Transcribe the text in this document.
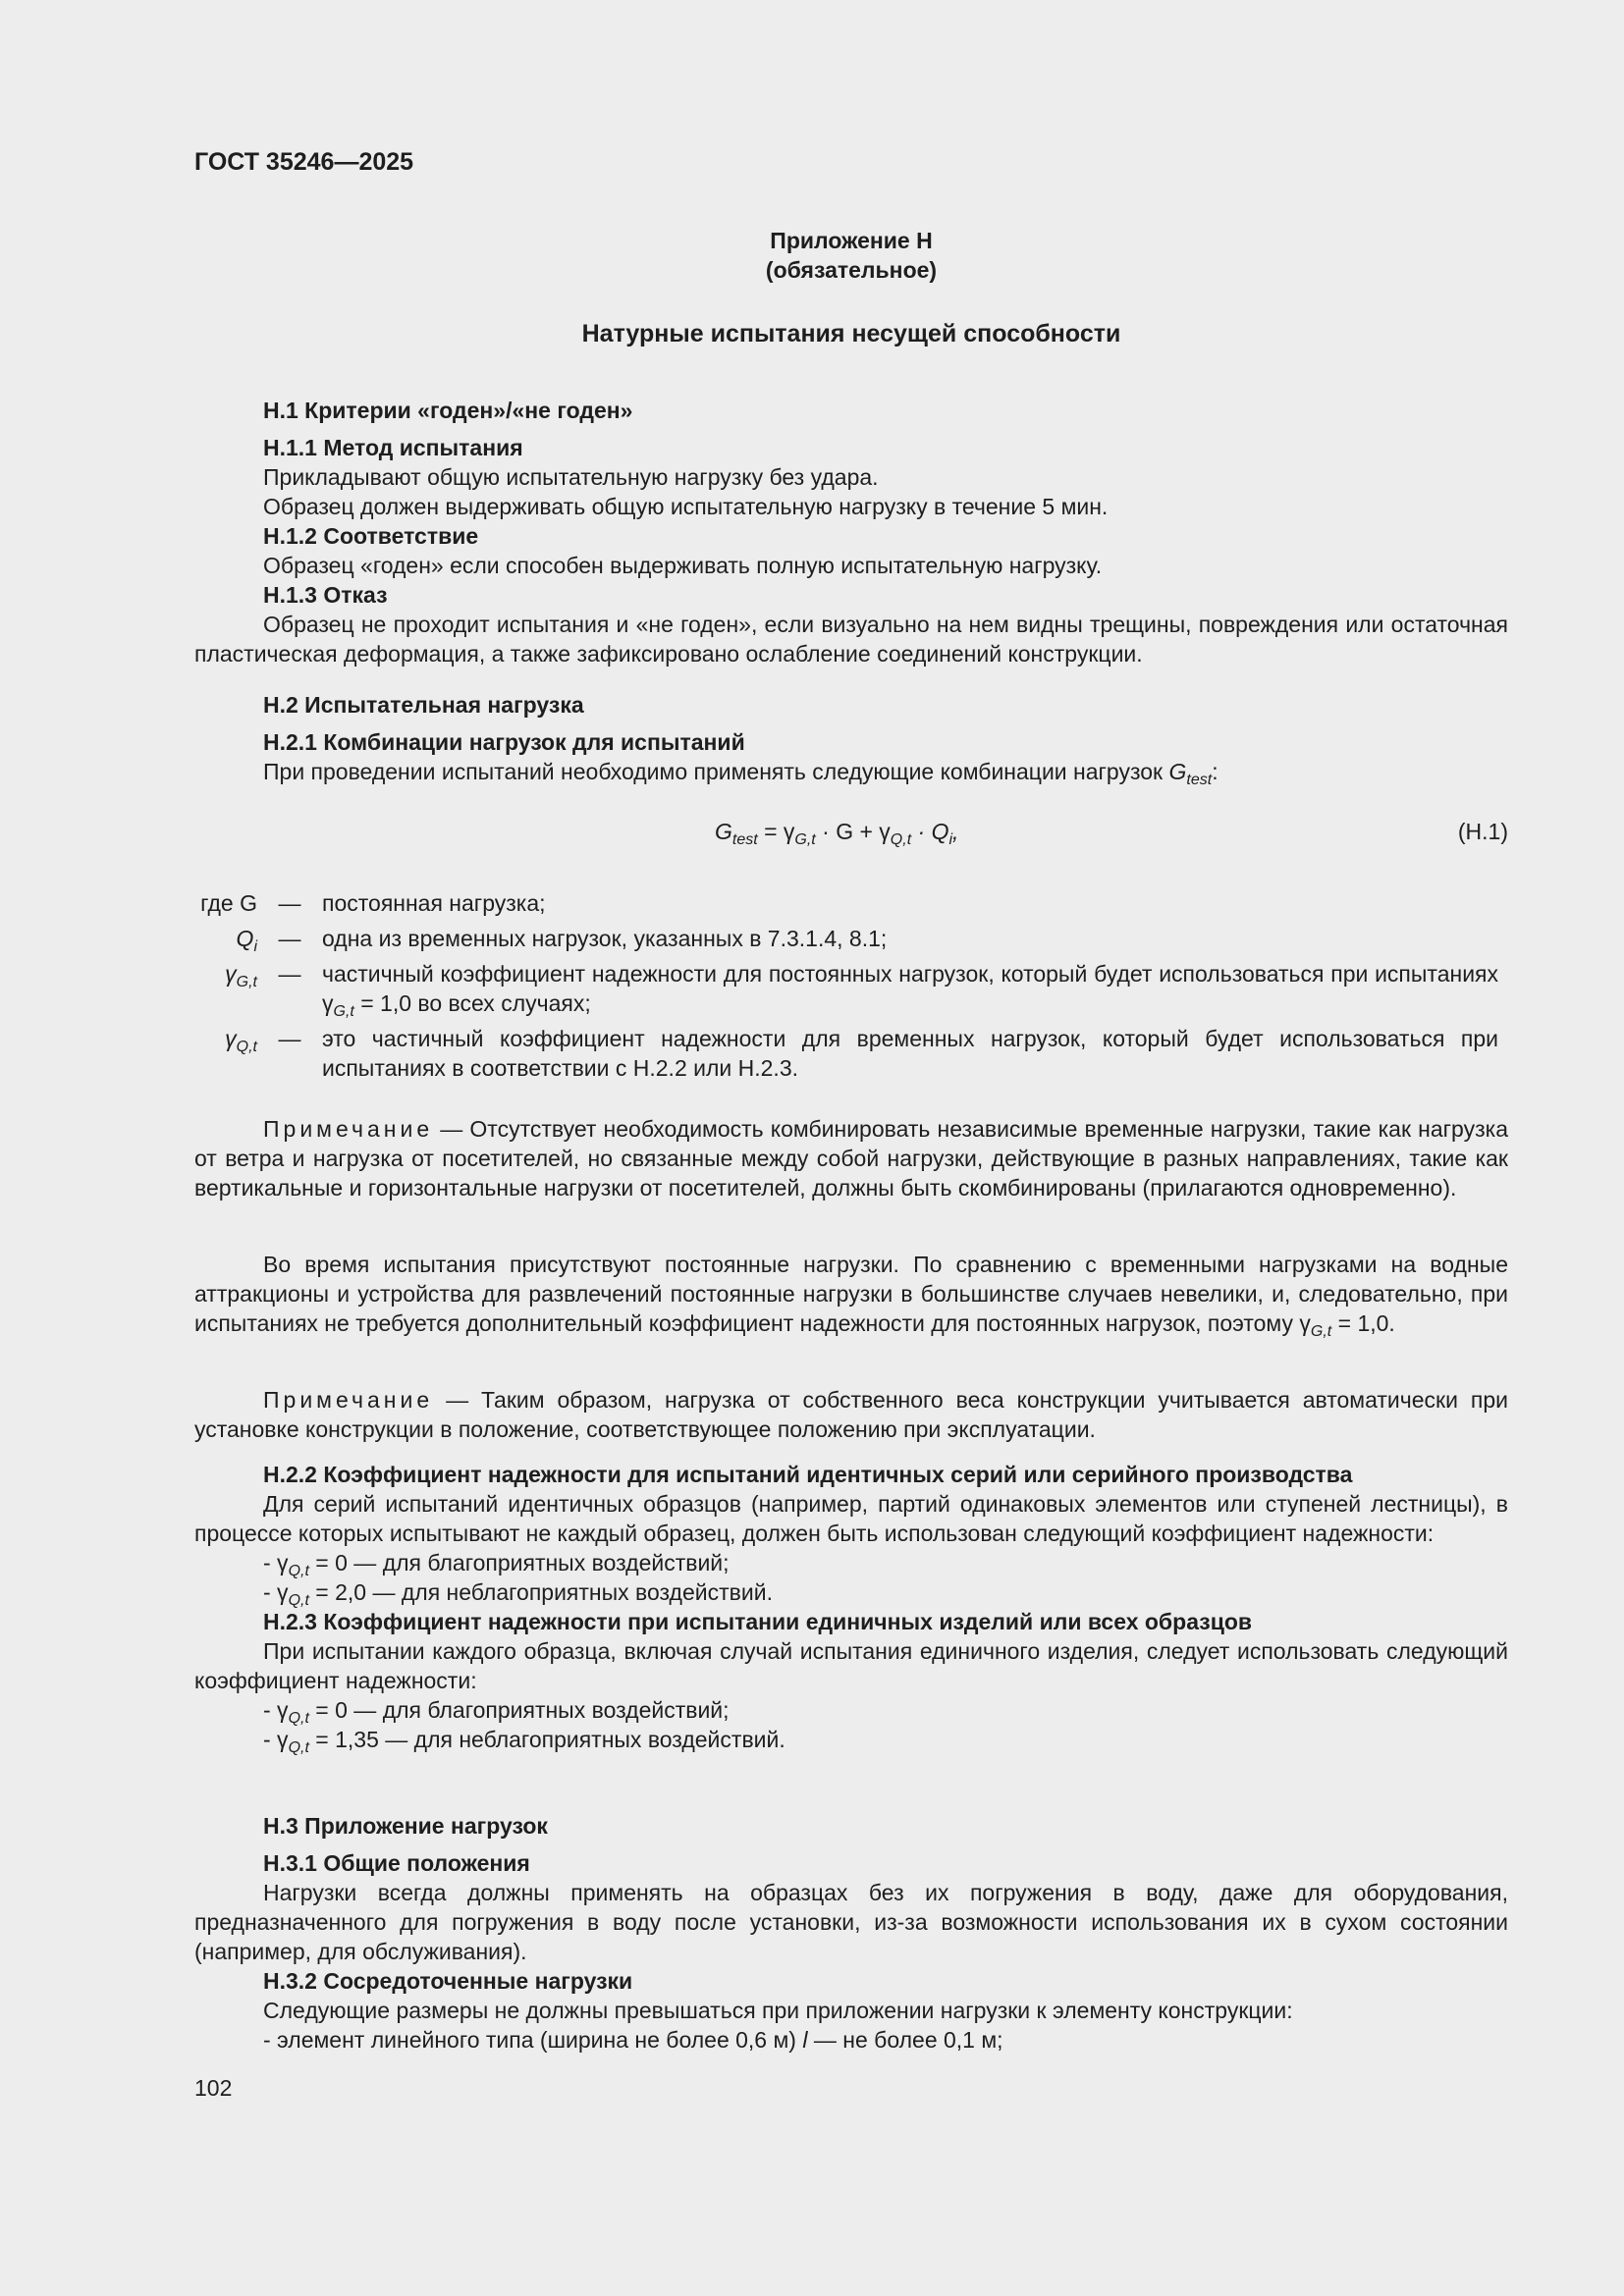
ГОСТ 35246—2025
Приложение Н
(обязательное)
Натурные испытания несущей способности
Н.1 Критерии «годен»/«не годен»
Н.1.1 Метод испытания
Прикладывают общую испытательную нагрузку без удара.
Образец должен выдерживать общую испытательную нагрузку в течение 5 мин.
Н.1.2 Соответствие
Образец «годен» если способен выдерживать полную испытательную нагрузку.
Н.1.3 Отказ
Образец не проходит испытания и «не годен», если визуально на нем видны трещины, повреждения или остаточная пластическая деформация, а также зафиксировано ослабление соединений конструкции.
Н.2 Испытательная нагрузка
Н.2.1 Комбинации нагрузок для испытаний
При проведении испытаний необходимо применять следующие комбинации нагрузок $G_{test}$:
$G_{test} = \gamma_{G,t} \cdot G + \gamma_{Q,t} \cdot Q_i$,	(Н.1)
где G — постоянная нагрузка;
$Q_i$ — одна из временных нагрузок, указанных в 7.3.1.4, 8.1;
$\gamma_{G,t}$ — частичный коэффициент надежности для постоянных нагрузок, который будет использоваться при испытаниях $\gamma_{G,t} = 1,0$ во всех случаях;
$\gamma_{Q,t}$ — это частичный коэффициент надежности для временных нагрузок, который будет использоваться при испытаниях в соответствии с Н.2.2 или Н.2.3.
Примечание — Отсутствует необходимость комбинировать независимые временные нагрузки, такие как нагрузка от ветра и нагрузка от посетителей, но связанные между собой нагрузки, действующие в разных направлениях, такие как вертикальные и горизонтальные нагрузки от посетителей, должны быть скомбинированы (прилагаются одновременно).
Во время испытания присутствуют постоянные нагрузки. По сравнению с временными нагрузками на водные аттракционы и устройства для развлечений постоянные нагрузки в большинстве случаев невелики, и, следовательно, при испытаниях не требуется дополнительный коэффициент надежности для постоянных нагрузок, поэтому $\gamma_{G,t} = 1,0$.
Примечание — Таким образом, нагрузка от собственного веса конструкции учитывается автоматически при установке конструкции в положение, соответствующее положению при эксплуатации.
Н.2.2 Коэффициент надежности для испытаний идентичных серий или серийного производства
Для серий испытаний идентичных образцов (например, партий одинаковых элементов или ступеней лестницы), в процессе которых испытывают не каждый образец, должен быть использован следующий коэффициент надежности:
- $\gamma_{Q,t} = 0$ — для благоприятных воздействий;
- $\gamma_{Q,t} = 2,0$ — для неблагоприятных воздействий.
Н.2.3 Коэффициент надежности при испытании единичных изделий или всех образцов
При испытании каждого образца, включая случай испытания единичного изделия, следует использовать следующий коэффициент надежности:
- $\gamma_{Q,t} = 0$ — для благоприятных воздействий;
- $\gamma_{Q,t} = 1,35$ — для неблагоприятных воздействий.
Н.3 Приложение нагрузок
Н.3.1 Общие положения
Нагрузки всегда должны применять на образцах без их погружения в воду, даже для оборудования, предназначенного для погружения в воду после установки, из-за возможности использования их в сухом состоянии (например, для обслуживания).
Н.3.2 Сосредоточенные нагрузки
Следующие размеры не должны превышаться при приложении нагрузки к элементу конструкции:
- элемент линейного типа (ширина не более 0,6 м) l — не более 0,1 м;
102
